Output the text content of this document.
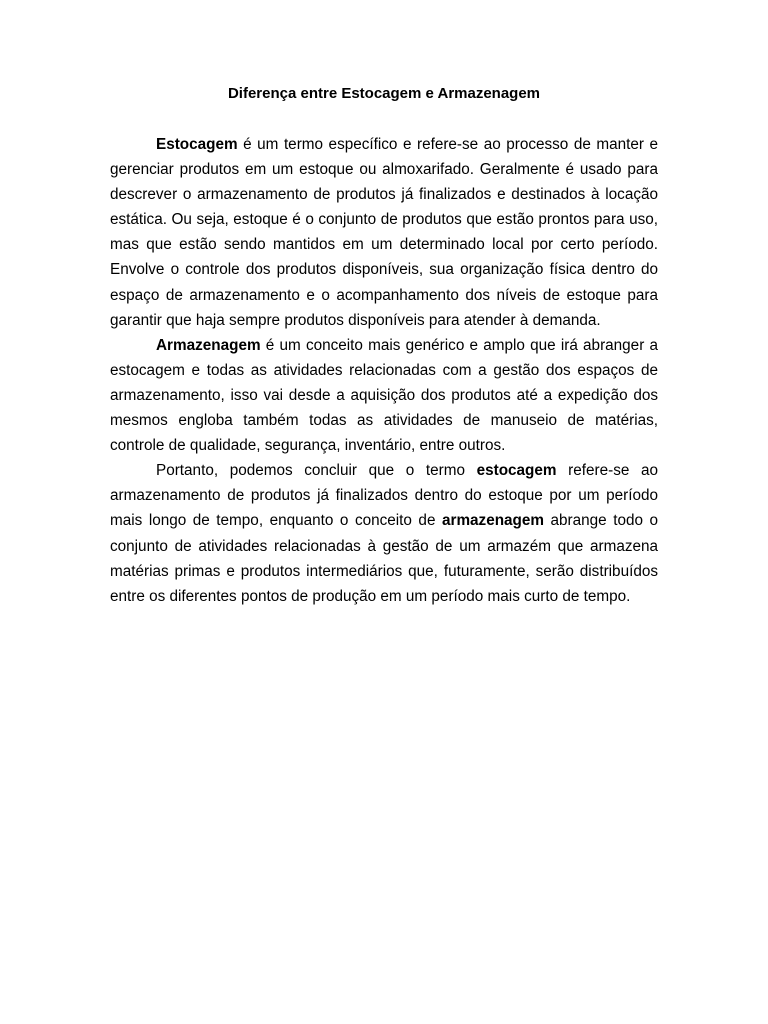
Diferença entre Estocagem e Armazenagem

Estocagem é um termo específico e refere-se ao processo de manter e gerenciar produtos em um estoque ou almoxarifado. Geralmente é usado para descrever o armazenamento de produtos já finalizados e destinados à locação estática. Ou seja, estoque é o conjunto de produtos que estão prontos para uso, mas que estão sendo mantidos em um determinado local por certo período. Envolve o controle dos produtos disponíveis, sua organização física dentro do espaço de armazenamento e o acompanhamento dos níveis de estoque para garantir que haja sempre produtos disponíveis para atender à demanda.

Armazenagem é um conceito mais genérico e amplo que irá abranger a estocagem e todas as atividades relacionadas com a gestão dos espaços de armazenamento, isso vai desde a aquisição dos produtos até a expedição dos mesmos engloba também todas as atividades de manuseio de matérias, controle de qualidade, segurança, inventário, entre outros.

Portanto, podemos concluir que o termo estocagem refere-se ao armazenamento de produtos já finalizados dentro do estoque por um período mais longo de tempo, enquanto o conceito de armazenagem abrange todo o conjunto de atividades relacionadas à gestão de um armazém que armazena matérias primas e produtos intermediários que, futuramente, serão distribuídos entre os diferentes pontos de produção em um período mais curto de tempo.
